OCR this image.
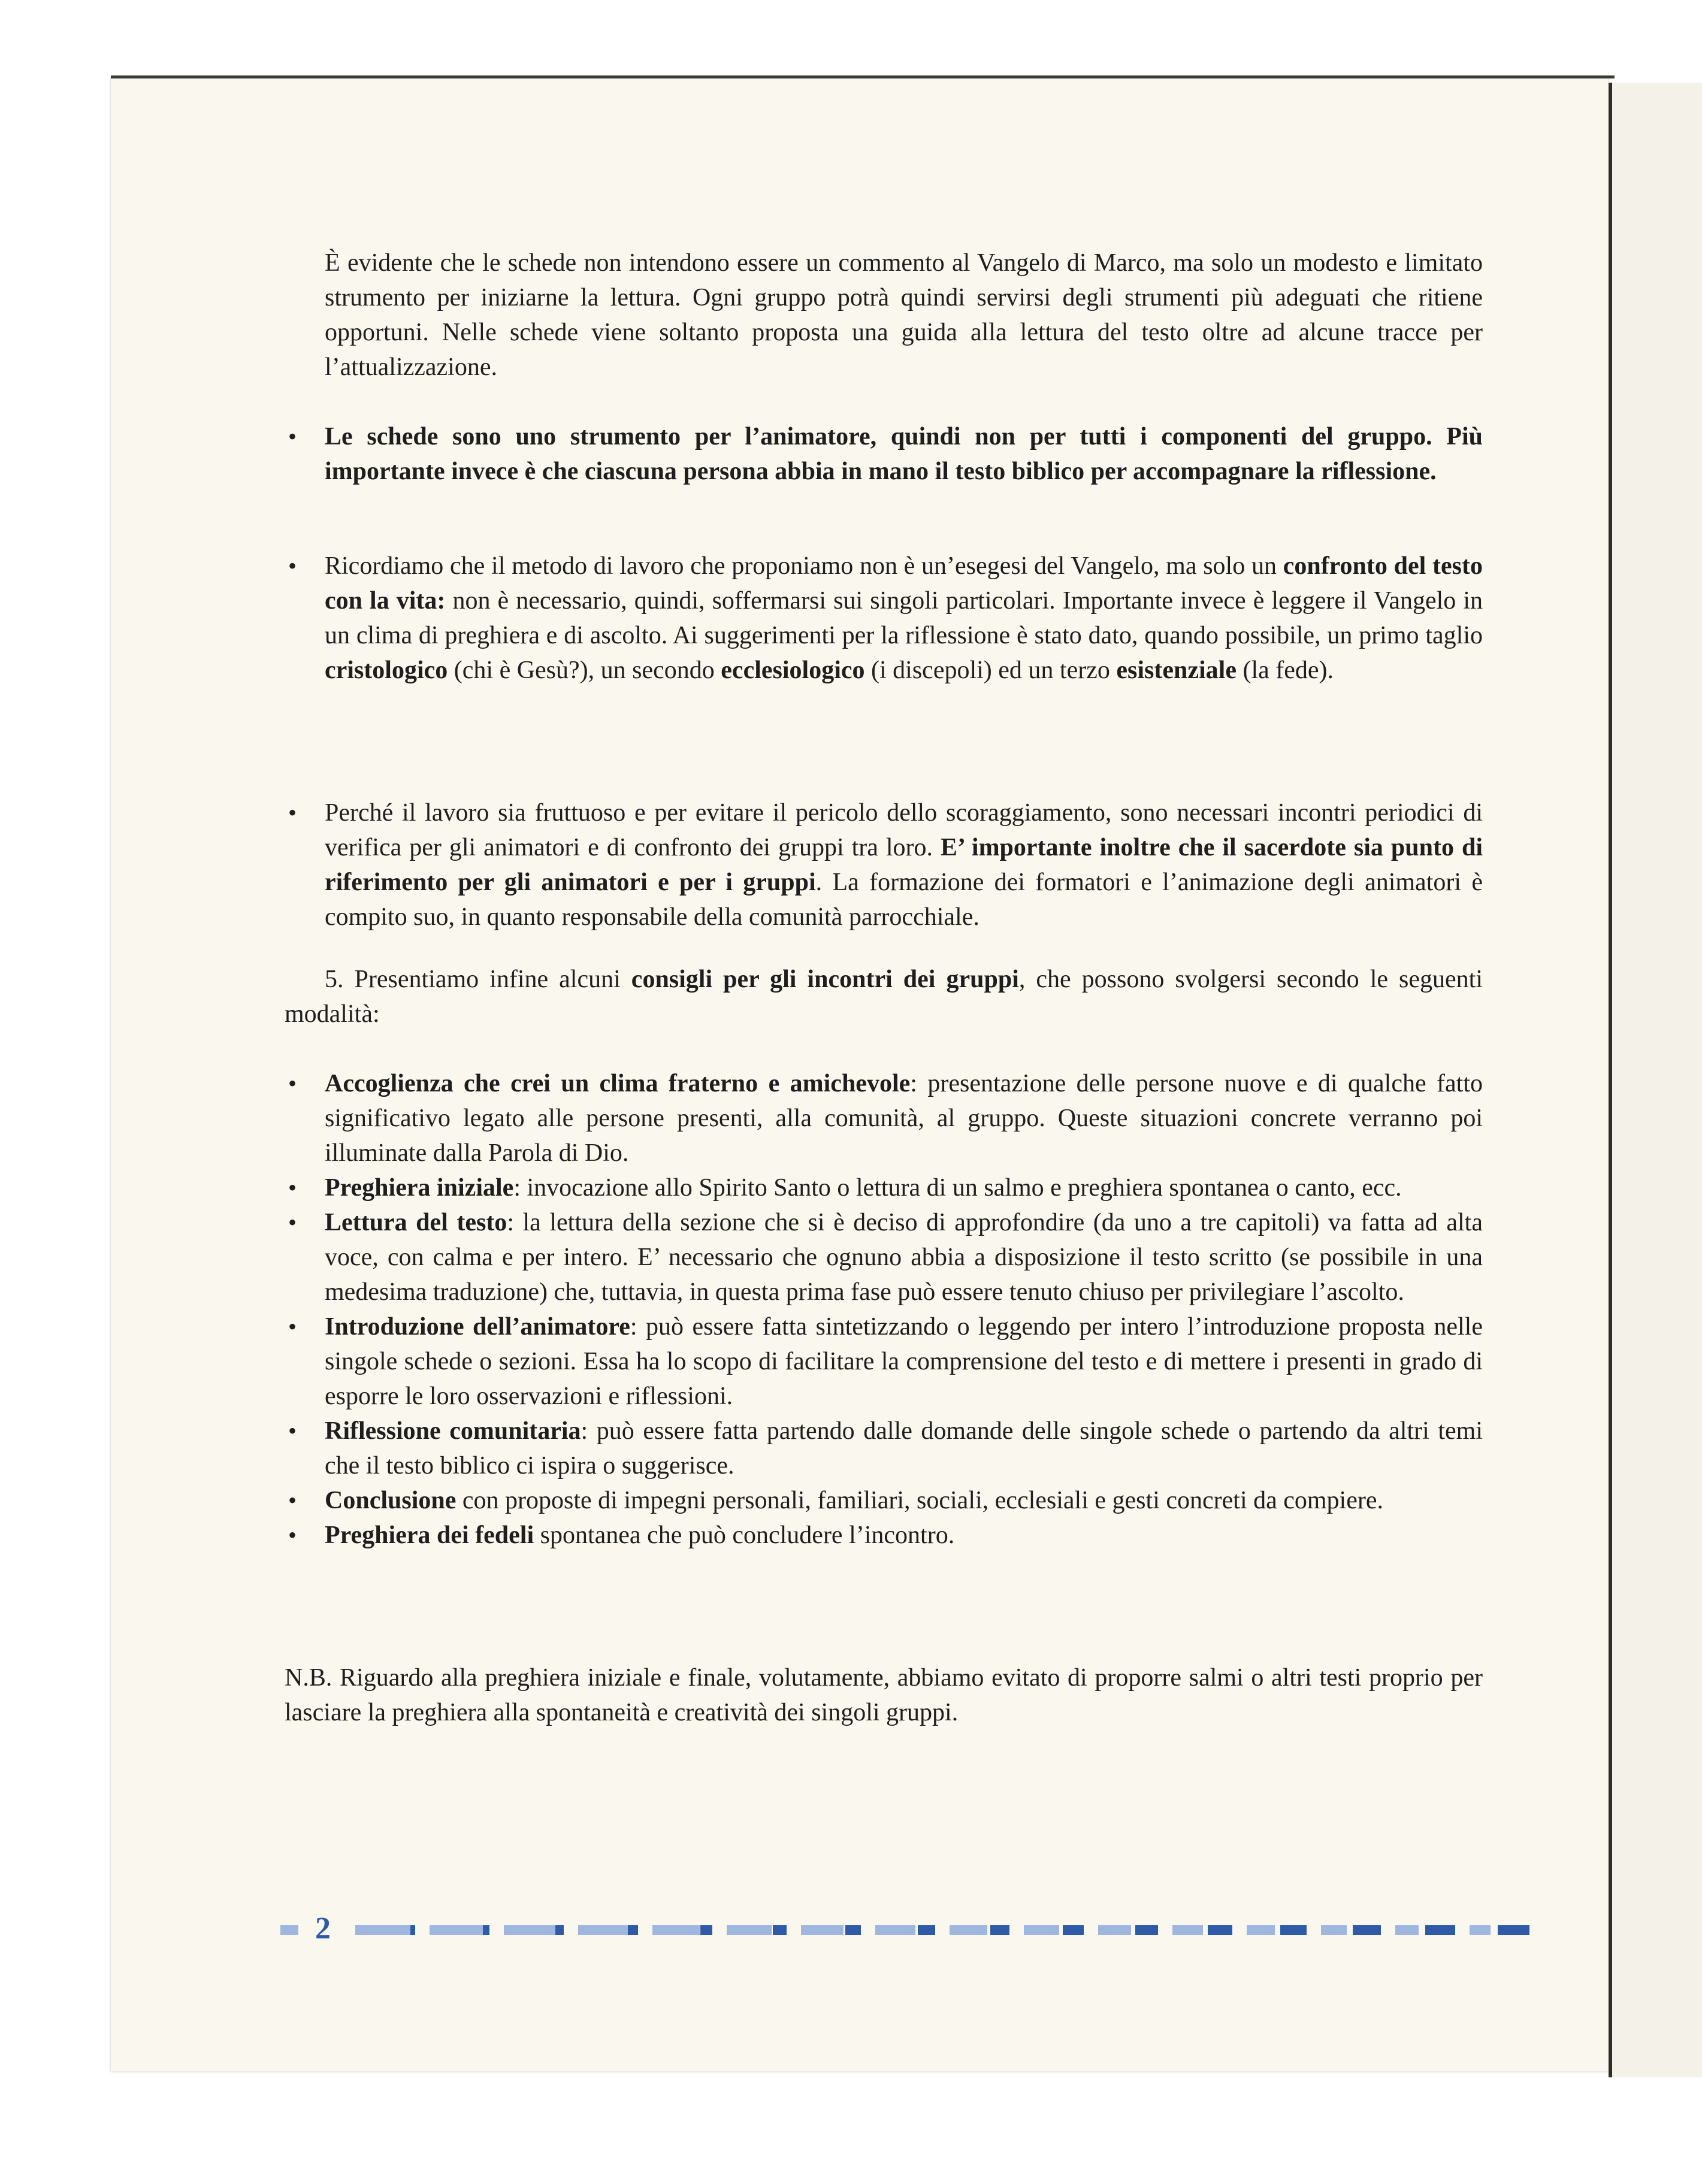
È evidente che le schede non intendono essere un commento al Vangelo di Marco, ma solo un modesto e limitato strumento per iniziarne la lettura. Ogni gruppo potrà quindi servirsi degli strumenti più adeguati che ritiene opportuni. Nelle schede viene soltanto proposta una guida alla lettura del testo oltre ad alcune tracce per l’attualizzazione.

• Le schede sono uno strumento per l’animatore, quindi non per tutti i componenti del gruppo. Più importante invece è che ciascuna persona abbia in mano il testo biblico per accompagnare la riflessione.

• Ricordiamo che il metodo di lavoro che proponiamo non è un’esegesi del Vangelo, ma solo un confronto del testo con la vita: non è necessario, quindi, soffermarsi sui singoli particolari. Importante invece è leggere il Vangelo in un clima di preghiera e di ascolto. Ai suggerimenti per la riflessione è stato dato, quando possibile, un primo taglio cristologico (chi è Gesù?), un secondo ecclesiologico (i discepoli) ed un terzo esistenziale (la fede).

• Perché il lavoro sia fruttuoso e per evitare il pericolo dello scoraggiamento, sono necessari incontri periodici di verifica per gli animatori e di confronto dei gruppi tra loro. E’ importante inoltre che il sacerdote sia punto di riferimento per gli animatori e per i gruppi. La formazione dei formatori e l’animazione degli animatori è compito suo, in quanto responsabile della comunità parrocchiale.

5. Presentiamo infine alcuni consigli per gli incontri dei gruppi, che possono svolgersi secondo le seguenti modalità:

• Accoglienza che crei un clima fraterno e amichevole: presentazione delle persone nuove e di qualche fatto significativo legato alle persone presenti, alla comunità, al gruppo. Queste situazioni concrete verranno poi illuminate dalla Parola di Dio.

• Preghiera iniziale: invocazione allo Spirito Santo o lettura di un salmo e preghiera spontanea o canto, ecc.

• Lettura del testo: la lettura della sezione che si è deciso di approfondire (da uno a tre capitoli) va fatta ad alta voce, con calma e per intero. E’ necessario che ognuno abbia a disposizione il testo scritto (se possibile in una medesima traduzione) che, tuttavia, in questa prima fase può essere tenuto chiuso per privilegiare l’ascolto.

• Introduzione dell’animatore: può essere fatta sintetizzando o leggendo per intero l’introduzione proposta nelle singole schede o sezioni. Essa ha lo scopo di facilitare la comprensione del testo e di mettere i presenti in grado di esporre le loro osservazioni e riflessioni.

• Riflessione comunitaria: può essere fatta partendo dalle domande delle singole schede o partendo da altri temi che il testo biblico ci ispira o suggerisce.

• Conclusione con proposte di impegni personali, familiari, sociali, ecclesiali e gesti concreti da compiere.

• Preghiera dei fedeli spontanea che può concludere l’incontro.

N.B. Riguardo alla preghiera iniziale e finale, volutamente, abbiamo evitato di proporre salmi o altri testi proprio per lasciare la preghiera alla spontaneità e creatività dei singoli gruppi.

2
